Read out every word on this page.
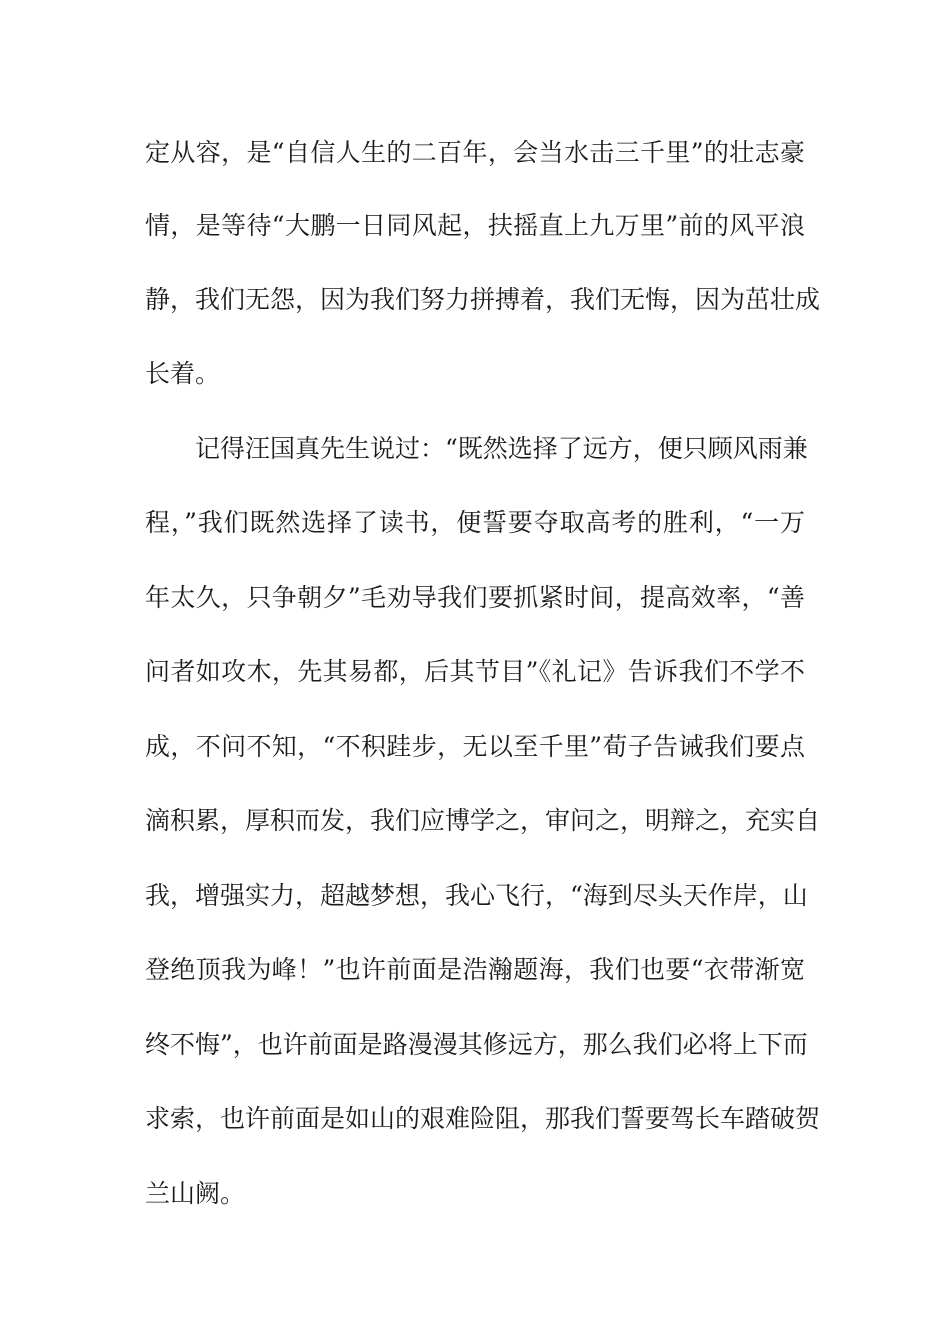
定从容，是“自信人生的二百年，会当水击三千里”的壮志豪
情，是等待“大鹏一日同风起，扶摇直上九万里”前的风平浪
静，我们无怨，因为我们努力拼搏着，我们无悔，因为茁壮成
长着。
记得汪国真先生说过：“既然选择了远方，便只顾风雨兼
程，”我们既然选择了读书，便誓要夺取高考的胜利，“一万
年太久，只争朝夕”毛劝导我们要抓紧时间，提高效率，“善
问者如攻木，先其易都，后其节目”《礼记》告诉我们不学不
成，不问不知，“不积跬步，无以至千里”荀子告诫我们要点
滴积累，厚积而发，我们应博学之，审问之，明辩之，充实自
我，增强实力，超越梦想，我心飞行，“海到尽头天作岸，山
登绝顶我为峰！”也许前面是浩瀚题海，我们也要“衣带渐宽
终不悔”，也许前面是路漫漫其修远方，那么我们必将上下而
求索，也许前面是如山的艰难险阻，那我们誓要驾长车踏破贺
兰山阙。
